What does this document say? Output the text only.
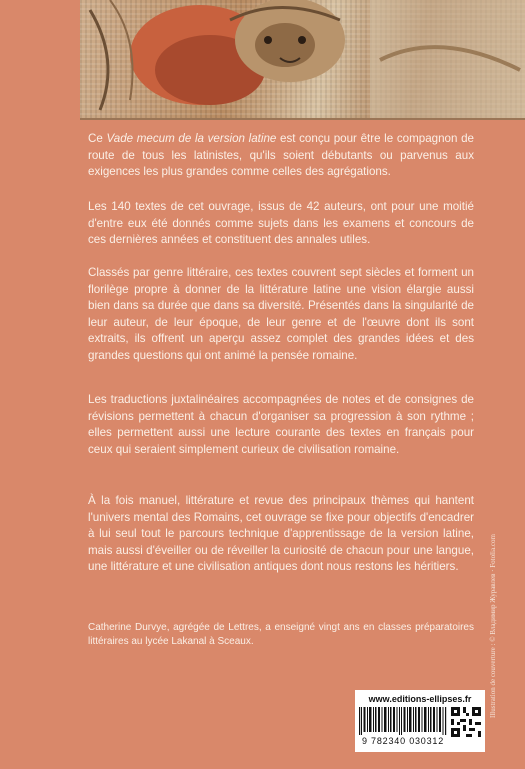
Ce Vade mecum de la version latine est conçu pour être le compagnon de route de tous les latinistes, qu'ils soient débutants ou parvenus aux exigences les plus grandes comme celles des agrégations.

Les 140 textes de cet ouvrage, issus de 42 auteurs, ont pour une moitié d'entre eux été donnés comme sujets dans les examens et concours de ces dernières années et constituent des annales utiles.

Classés par genre littéraire, ces textes couvrent sept siècles et forment un florilège propre à donner de la littérature latine une vision élargie aussi bien dans sa durée que dans sa diversité. Présentés dans la singularité de leur auteur, de leur époque, de leur genre et de l'œuvre dont ils sont extraits, ils offrent un aperçu assez complet des grandes idées et des grandes questions qui ont animé la pensée romaine.

Les traductions juxtalinéaires accompagnées de notes et de consignes de révisions permettent à chacun d'organiser sa progression à son rythme ; elles permettent aussi une lecture courante des textes en français pour ceux qui seraient simplement curieux de civilisation romaine.

À la fois manuel, littérature et revue des principaux thèmes qui hantent l'univers mental des Romains, cet ouvrage se fixe pour objectifs d'encadrer à lui seul tout le parcours technique d'apprentissage de la version latine, mais aussi d'éveiller ou de réveiller la curiosité de chacun pour une langue, une littérature et une civilisation antiques dont nous restons les héritiers.

Catherine Durvye, agrégée de Lettres, a enseigné vingt ans en classes préparatoires littéraires au lycée Lakanal à Sceaux.	Illustration de couverture : © Владимир Журавлев · Fotolia.com
www.editions-ellipses.fr
9 782340 030312
